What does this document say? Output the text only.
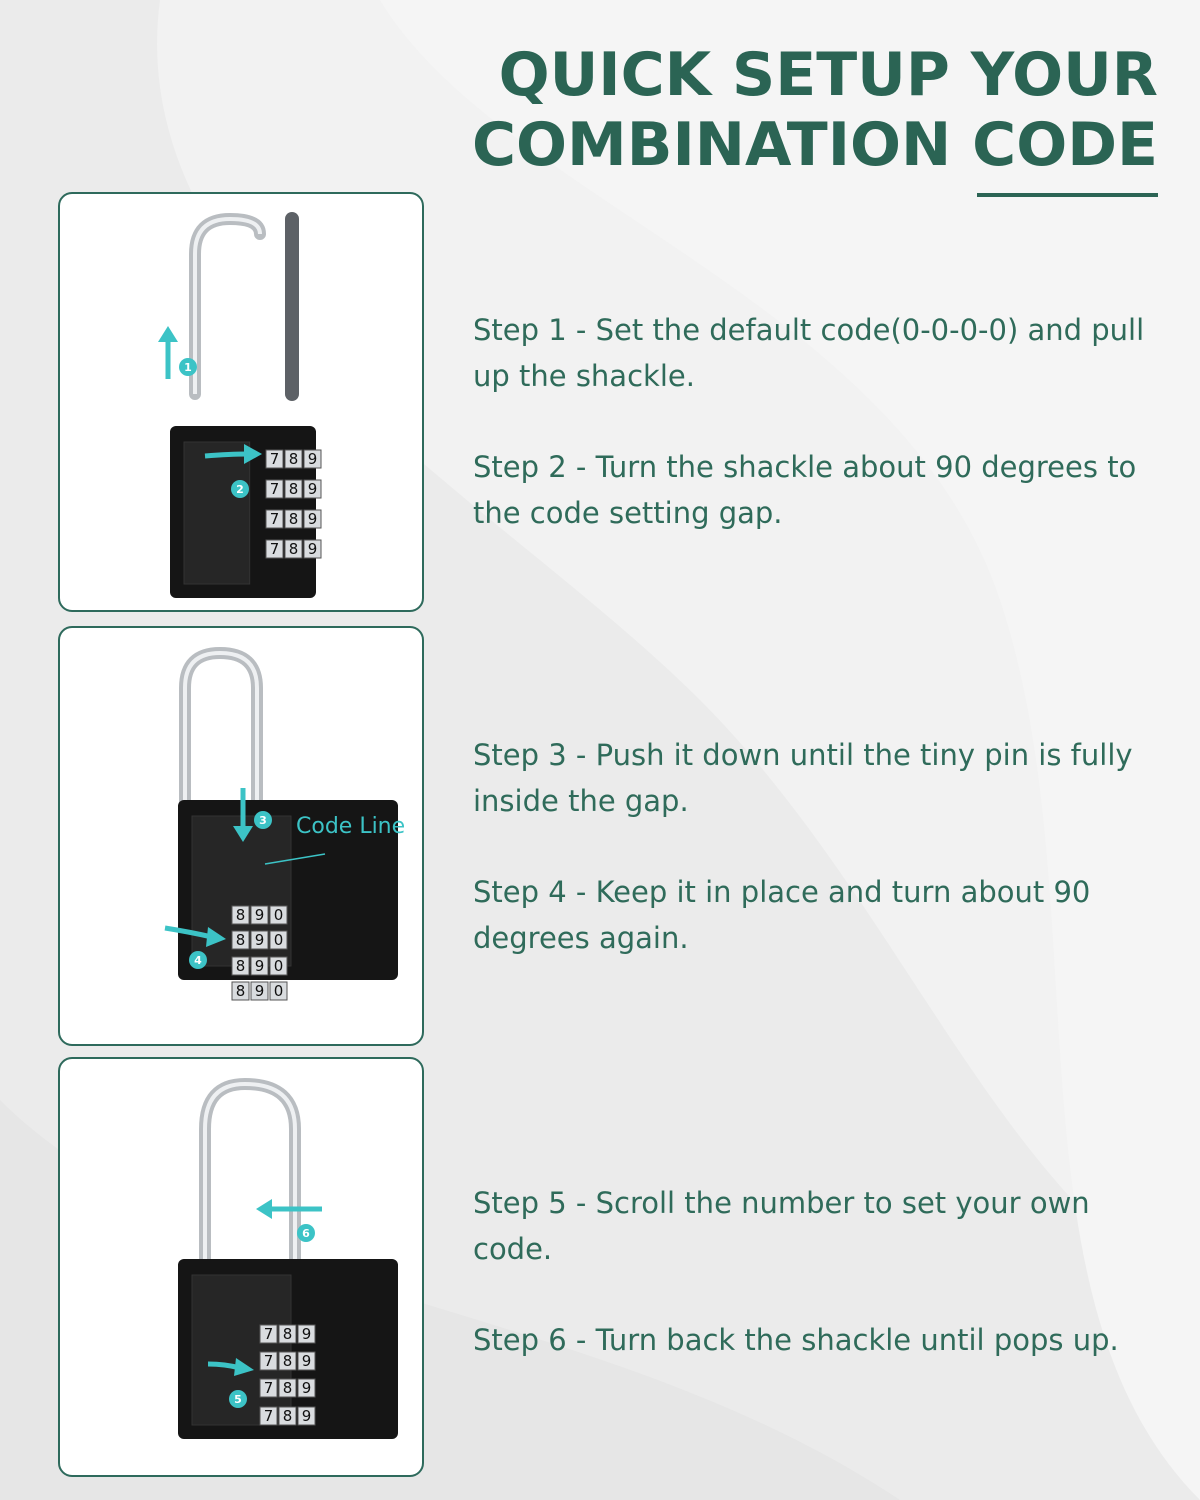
QUICK SETUP YOUR
COMBINATION CODE
1
2
7 8 9
7 8 9
7 8 9
7 8 9
3
4
8 9 0
8 9 0
8 9 0
8 9 0
Code Line
6
5
7 8 9
7 8 9
7 8 9
7 8 9
Step 1 - Set the default code(0-0-0-0) and pull up the shackle.
Step 2 - Turn the shackle about 90 degrees to the code setting gap.
Step 3 - Push it down until the tiny pin is fully inside the gap.
Step 4 - Keep it in place and turn about 90 degrees again.
Step 5 - Scroll the number to set your own code.
Step 6 - Turn back the shackle until pops up.
